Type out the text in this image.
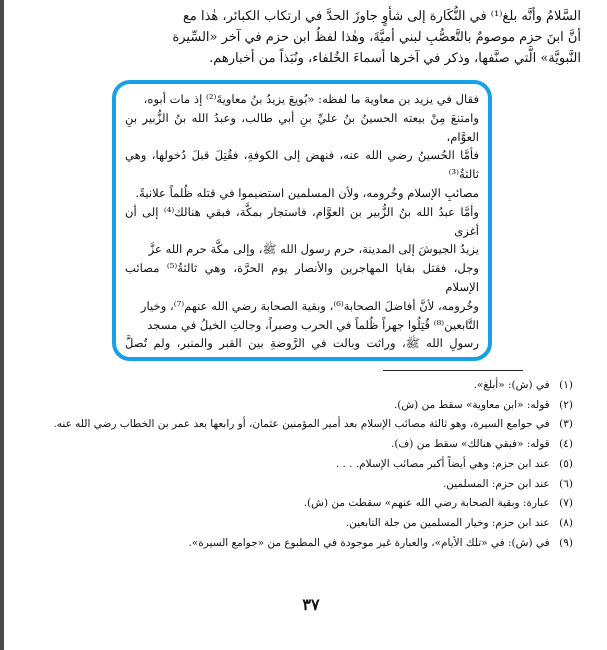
السَّلامُ وأنَّه بلغ⁽¹⁾ في النُّكَارة إلى شأوٍ جاوزَ الحدَّ في ارتكاب الكبائر، هٰذا مع

أنَّ ابنَ حزم موصومٌ بالتَّعصُّبِ لبني أميَّةَ، وهٰذا لفظُ ابن حزم في آخر «السِّيرة

النَّبويَّة» الَّتي صنَّفها، وذكر في آخرها أسماءَ الخُلفاء، ونُبَذاً من أخبارهم.

فقال في يزيد بن معاوية ما لفظه: «بُويعَ يزيدُ بنُ معاويةَ⁽²⁾ إذ مات أبوه،

وامتنعَ مِنْ بيعته الحسينُ بنُ عليِّ بنِ أبي طالب، وعبدُ الله بنُ الزُّبير بنِ العوَّام،

فأمَّا الحُسينُ رضي الله عنه، فنهض إلى الكوفةِ، فقُتِلَ قبلَ دُخولها، وهي ثالثةُ⁽³⁾

مصائبِ الإسلام وخُرومه، ولأن المسلمين استضيموا في قتله ظُلماً علانيةً.

وأمَّا عبدُ الله بنُ الزُّبير بن العوَّام، فاستجار بمكَّة، فبقي هنالك⁽⁴⁾ إلى أن أغزى

يزيدُ الجيوشَ إلى المدينة، حرم رسول الله ﷺ، وإلى مكَّة حرم الله عزَّ

وجل، فقتل بقايا المهاجرين والأنصار يوم الحرَّة، وهي ثالثةُ⁽⁵⁾ مصائب الإسلام

وخُرومه، لأنَّ أفاضلَ الصحابة⁽⁶⁾، وبقية الصحابة رضي الله عنهم⁽⁷⁾، وخيار

التَّابعين⁽⁸⁾ قُتِلُوا جهراً ظُلماً في الحرب وصبراً، وجالتِ الخيلُ في مسجد

رسولِ الله ﷺ، وراثت وبالت في الرَّوضةِ بين القبر والمنبر، ولم تُصلَّ

(١) في (ش): «أبلغ».

(٢) قوله: «ابن معاوية» سقط من (ش).

(٣) في جوامع السيرة، وهو ثالثة مصائب الإسلام بعد أمير المؤمنين عثمان، أو رابعها بعد عمر بن الخطاب رضي الله عنه.

(٤) قوله: «فبقي هنالك» سقط من (ف).

(٥) عند ابن حزم: وهي أيضاً أكبر مصائب الإسلام. . . .

(٦) عند ابن حزم: المسلمين.

(٧) عبارة: وبقية الصحابة رضي الله عنهم» سقطت من (ش).

(٨) عند ابن حزم: وخيار المسلمين من جلة التابعين.

(٩) في (ش): في «تلك الأيام»، والعبارة غير موجودة في المطبوع من «جوامع السيرة».

٣٧
